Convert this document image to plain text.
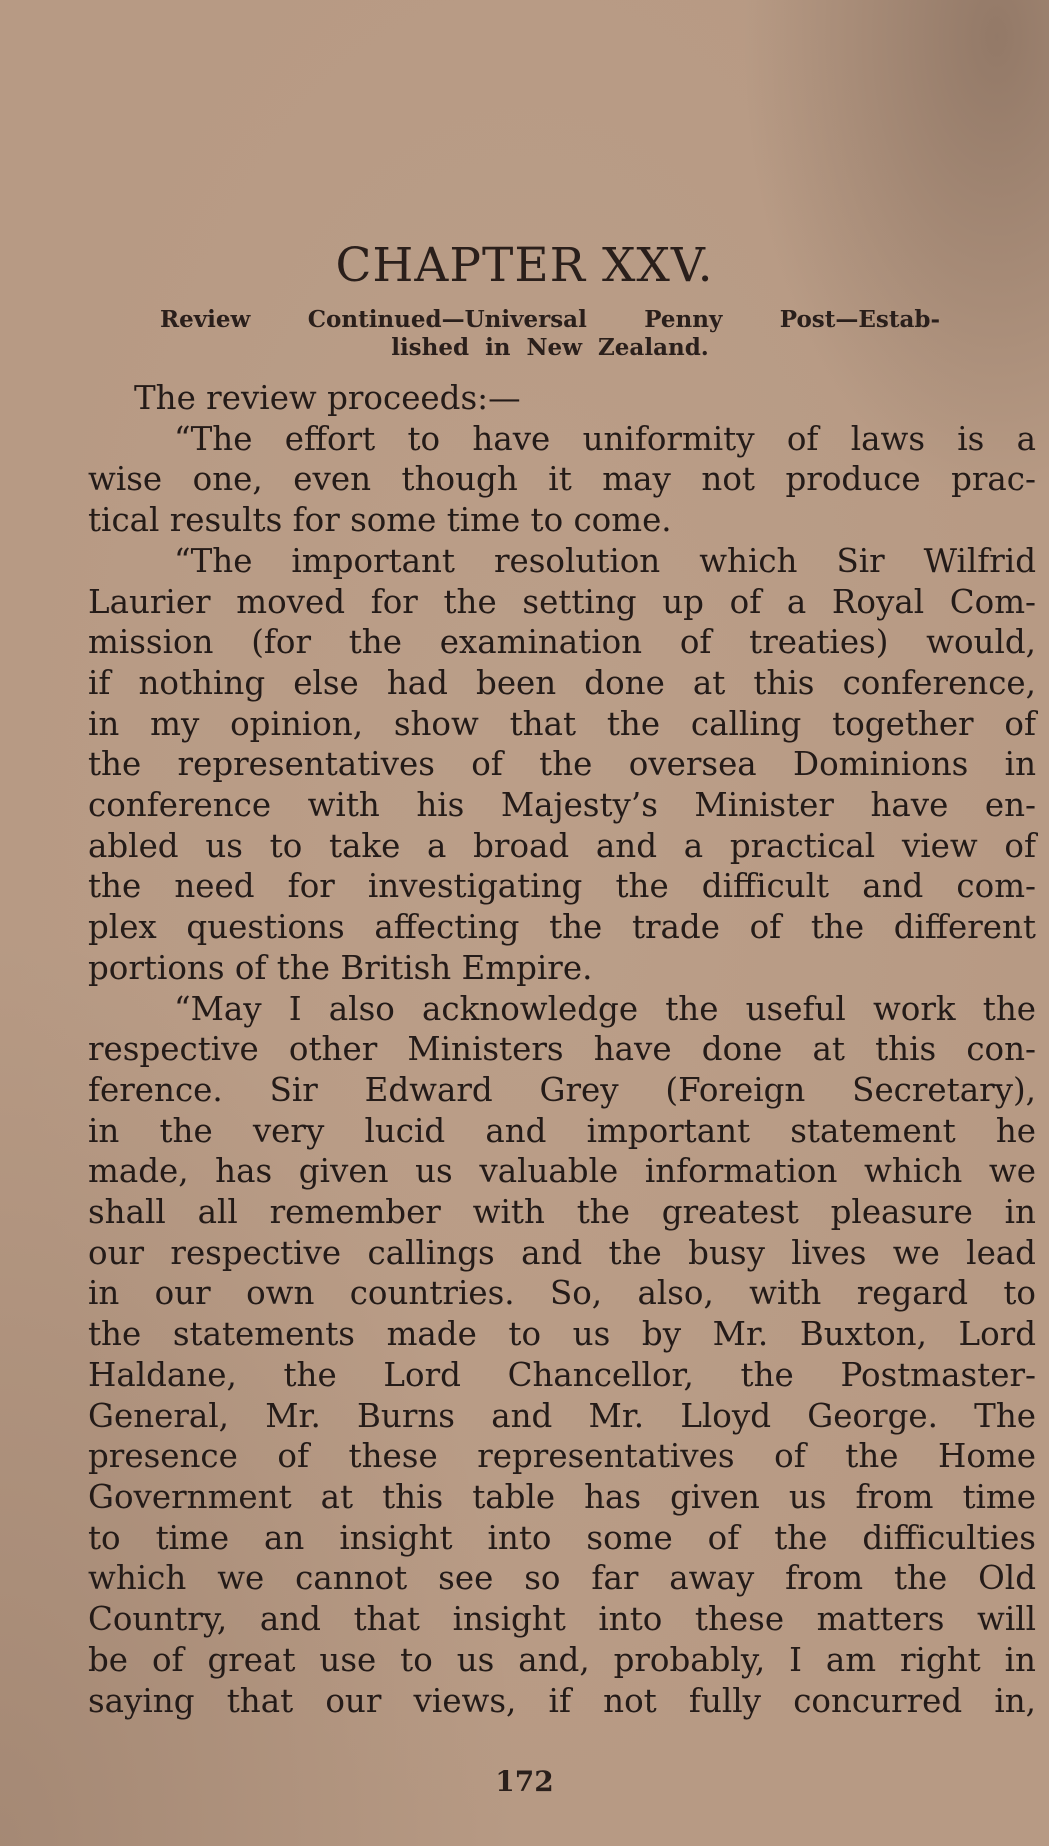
CHAPTER XXV.
Review Continued—Universal Penny Post—Estab-
lished in New Zealand.
The review proceeds:—
“The effort to have uniformity of laws is a
wise one, even though it may not produce prac-
tical results for some time to come.
“The important resolution which Sir Wilfrid
Laurier moved for the setting up of a Royal Com-
mission (for the examination of treaties) would,
if nothing else had been done at this conference,
in my opinion, show that the calling together of
the representatives of the oversea Dominions in
conference with his Majesty’s Minister have en-
abled us to take a broad and a practical view of
the need for investigating the difficult and com-
plex questions affecting the trade of the different
portions of the British Empire.
“May I also acknowledge the useful work the
respective other Ministers have done at this con-
ference. Sir Edward Grey (Foreign Secretary),
in the very lucid and important statement he
made, has given us valuable information which we
shall all remember with the greatest pleasure in
our respective callings and the busy lives we lead
in our own countries. So, also, with regard to
the statements made to us by Mr. Buxton, Lord
Haldane, the Lord Chancellor, the Postmaster-
General, Mr. Burns and Mr. Lloyd George. The
presence of these representatives of the Home
Government at this table has given us from time
to time an insight into some of the difficulties
which we cannot see so far away from the Old
Country, and that insight into these matters will
be of great use to us and, probably, I am right in
saying that our views, if not fully concurred in,
172
